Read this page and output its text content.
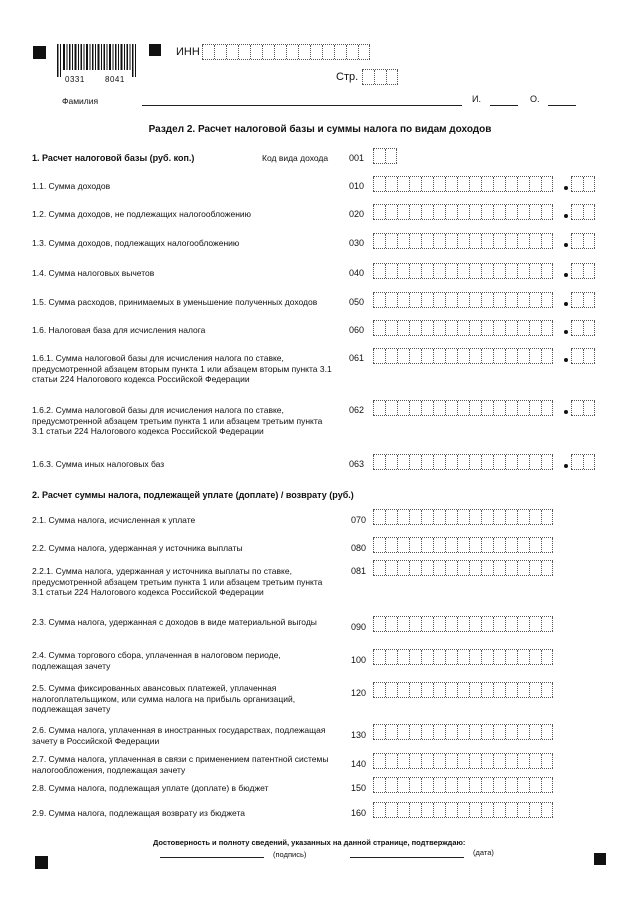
0331	8041
ИНН
Стр.
Фамилия	И.	О.
Раздел 2. Расчет налоговой базы и суммы налога по видам доходов
1. Расчет налоговой базы (руб. коп.)	Код вида дохода 001
1.1. Сумма доходов	010
1.2. Сумма доходов, не подлежащих налогообложению	020
1.3. Сумма доходов, подлежащих налогообложению	030
1.4. Сумма налоговых вычетов	040
1.5. Сумма расходов, принимаемых в уменьшение полученных доходов	050
1.6. Налоговая база для исчисления налога	060
1.6.1. Сумма налоговой базы для исчисления налога по ставке, предусмотренной абзацем вторым пункта 1 или абзацем вторым пункта 3.1 статьи 224 Налогового кодекса Российской Федерации
061
1.6.2. Сумма налоговой базы для исчисления налога по ставке, предусмотренной абзацем третьим пункта 1 или абзацем третьим пункта 3.1 статьи 224 Налогового кодекса Российской Федерации
062
1.6.3. Сумма иных налоговых баз	063
2. Расчет суммы налога, подлежащей уплате (доплате) / возврату (руб.)
2.1. Сумма налога, исчисленная к уплате	070
2.2. Сумма налога, удержанная у источника выплаты	080
2.2.1. Сумма налога, удержанная у источника выплаты по ставке, предусмотренной абзацем третьим пункта 1 или абзацем третьим пункта 3.1 статьи 224 Налогового кодекса Российской Федерации
081
2.3. Сумма налога, удержанная с доходов в виде материальной выгоды	090
2.4. Сумма торгового сбора, уплаченная в налоговом периоде, подлежащая зачету
100
2.5. Сумма фиксированных авансовых платежей, уплаченная налогоплательщиком, или сумма налога на прибыль организаций, подлежащая зачету
120
2.6. Сумма налога, уплаченная в иностранных государствах, подлежащая зачету в Российской Федерации
130
2.7. Сумма налога, уплаченная в связи с применением патентной системы налогообложения, подлежащая зачету
140
2.8. Сумма налога, подлежащая уплате (доплате) в бюджет	150
2.9. Сумма налога, подлежащая возврату из бюджета	160
Достоверность и полноту сведений, указанных на данной странице, подтверждаю:
(подпись)	(дата)
